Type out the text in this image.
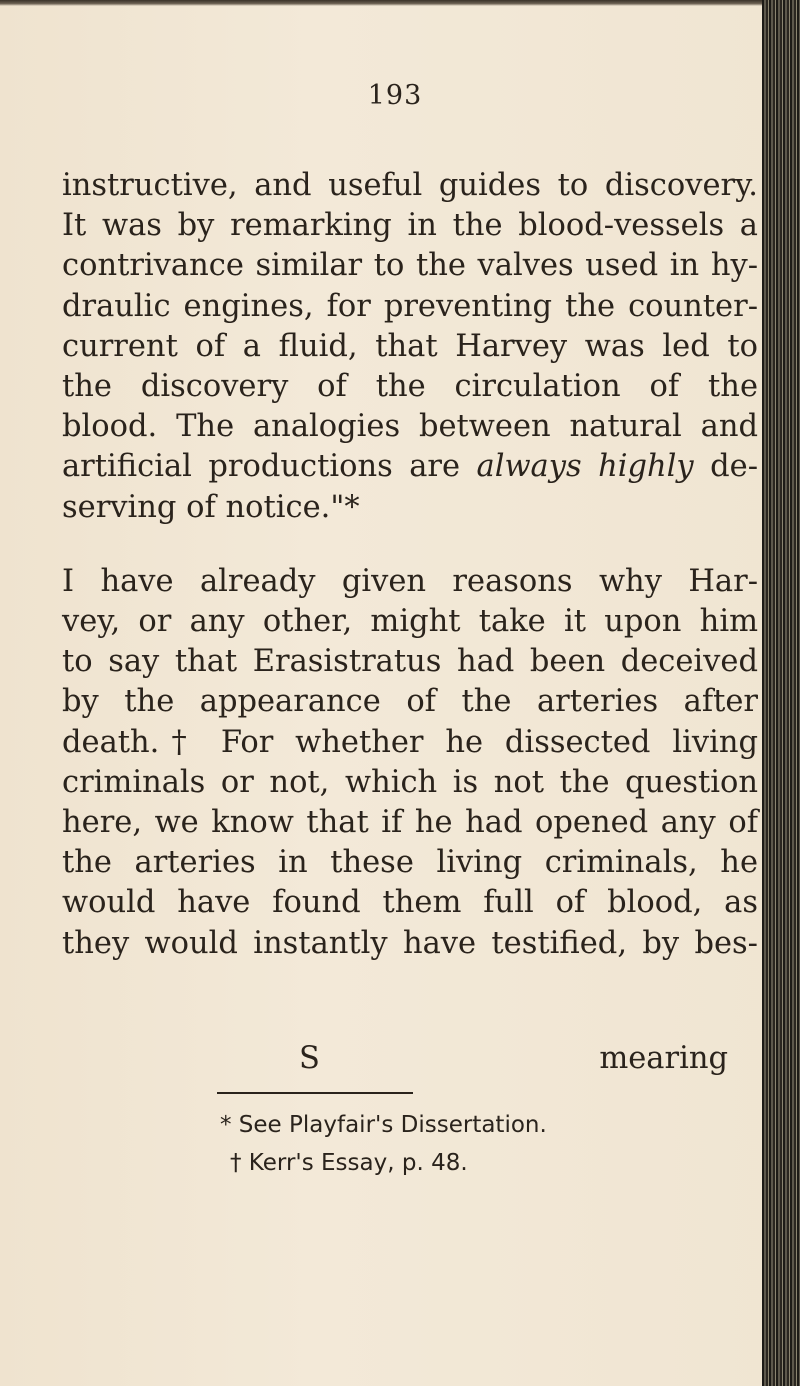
193
instructive, and useful guides to discovery.
It was by remarking in the blood-vessels a
contrivance similar to the valves used in hy-
draulic engines, for preventing the counter-
current of a fluid, that Harvey was led to
the discovery of the circulation of the
blood. The analogies between natural and
artificial productions are always highly de-
serving of notice."*
I have already given reasons why Har-
vey, or any other, might take it upon him
to say that Erasistratus had been deceived
by the appearance of the arteries after
death.† For whether he dissected living
criminals or not, which is not the question
here, we know that if he had opened any of
the arteries in these living criminals, he
would have found them full of blood, as
they would instantly have testified, by bes-
S	mearing
* See Playfair's Dissertation.
† Kerr's Essay, p. 48.
